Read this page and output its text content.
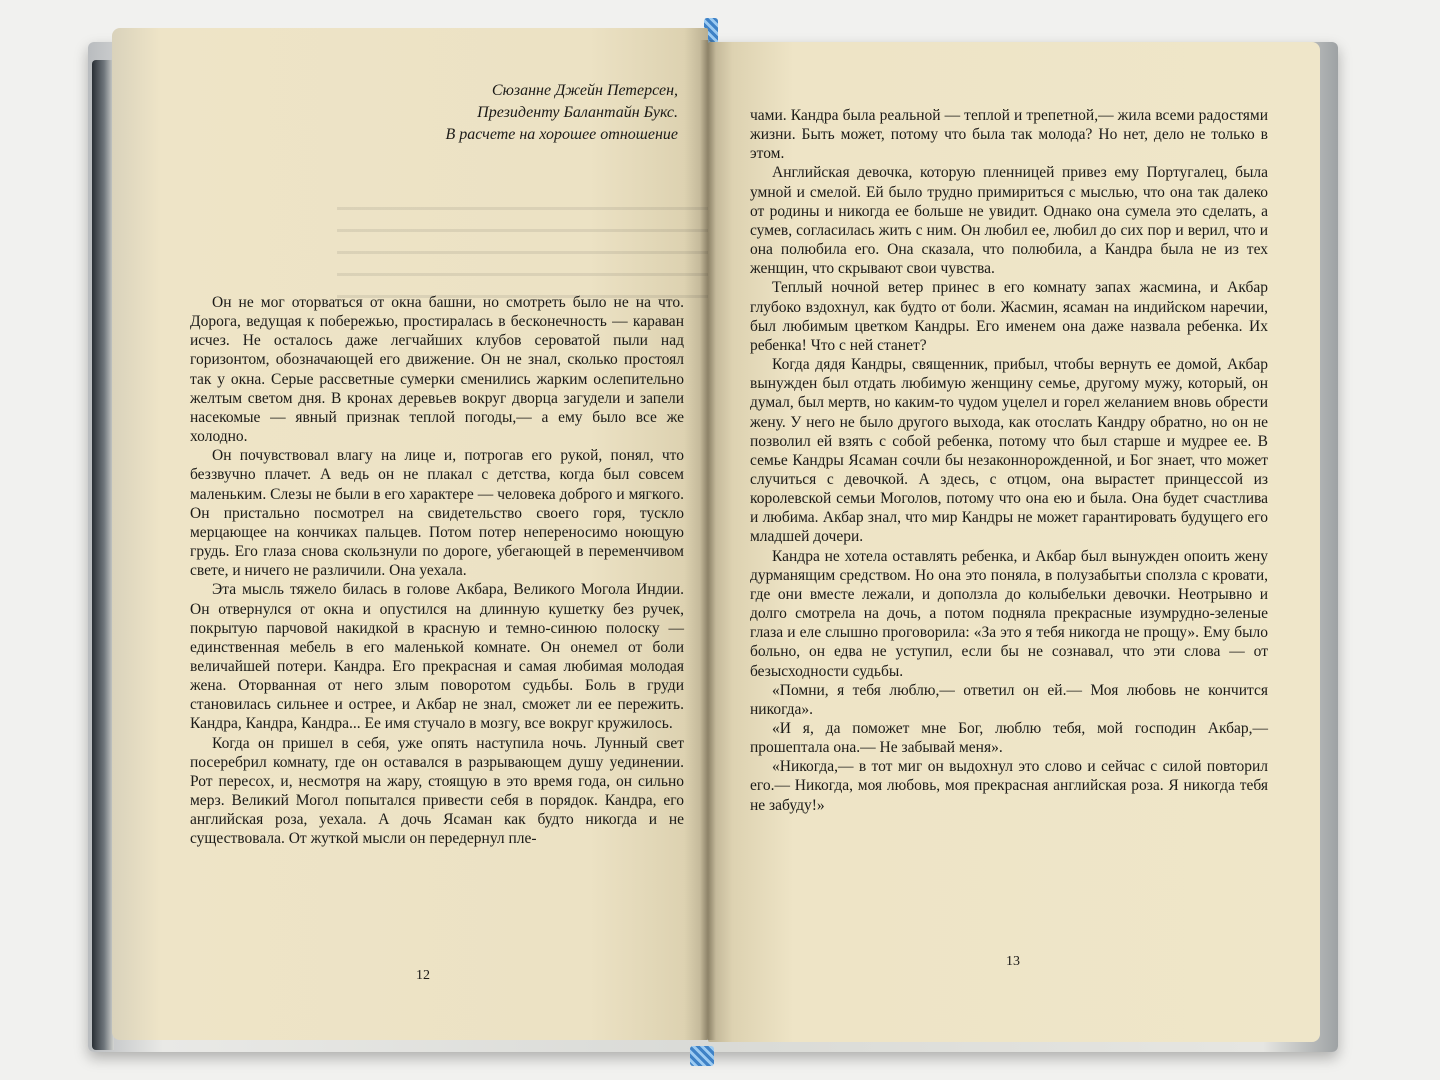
Сюзанне Джейн Петерсен,
Президенту Балантайн Букс.
В расчете на хорошее отношение

Он не мог оторваться от окна башни, но смотреть было не на что. Дорога, ведущая к побережью, простиралась в бесконечность — караван исчез. Не осталось даже легчайших клубов сероватой пыли над горизонтом, обозначающей его движение. Он не знал, сколько простоял так у окна. Серые рассветные сумерки сменились жарким ослепительно желтым светом дня. В кронах деревьев вокруг дворца загудели и запели насекомые — явный признак теплой погоды,— а ему было все же холодно.

Он почувствовал влагу на лице и, потрогав его рукой, понял, что беззвучно плачет. А ведь он не плакал с детства, когда был совсем маленьким. Слезы не были в его характере — человека доброго и мягкого. Он пристально посмотрел на свидетельство своего горя, тускло мерцающее на кончиках пальцев. Потом потер непереносимо ноющую грудь. Его глаза снова скользнули по дороге, убегающей в переменчивом свете, и ничего не различили. Она уехала.

Эта мысль тяжело билась в голове Акбара, Великого Могола Индии. Он отвернулся от окна и опустился на длинную кушетку без ручек, покрытую парчовой накидкой в красную и темно-синюю полоску — единственная мебель в его маленькой комнате. Он онемел от боли величайшей потери. Кандра. Его прекрасная и самая любимая молодая жена. Оторванная от него злым поворотом судьбы. Боль в груди становилась сильнее и острее, и Акбар не знал, сможет ли ее пережить. Кандра, Кандра, Кандра... Ее имя стучало в мозгу, все вокруг кружилось.

Когда он пришел в себя, уже опять наступила ночь. Лунный свет посеребрил комнату, где он оставался в разрывающем душу уединении. Рот пересох, и, несмотря на жару, стоящую в это время года, он сильно мерз. Великий Могол попытался привести себя в порядок. Кандра, его английская роза, уехала. А дочь Ясаман как будто никогда и не существовала. От жуткой мысли он передернул пле-

12

чами. Кандра была реальной — теплой и трепетной,— жила всеми радостями жизни. Быть может, потому что была так молода? Но нет, дело не только в этом.

Английская девочка, которую пленницей привез ему Португалец, была умной и смелой. Ей было трудно примириться с мыслью, что она так далеко от родины и никогда ее больше не увидит. Однако она сумела это сделать, а сумев, согласилась жить с ним. Он любил ее, любил до сих пор и верил, что и она полюбила его. Она сказала, что полюбила, а Кандра была не из тех женщин, что скрывают свои чувства.

Теплый ночной ветер принес в его комнату запах жасмина, и Акбар глубоко вздохнул, как будто от боли. Жасмин, ясаман на индийском наречии, был любимым цветком Кандры. Его именем она даже назвала ребенка. Их ребенка! Что с ней станет?

Когда дядя Кандры, священник, прибыл, чтобы вернуть ее домой, Акбар вынужден был отдать любимую женщину семье, другому мужу, который, он думал, был мертв, но каким-то чудом уцелел и горел желанием вновь обрести жену. У него не было другого выхода, как отослать Кандру обратно, но он не позволил ей взять с собой ребенка, потому что был старше и мудрее ее. В семье Кандры Ясаман сочли бы незаконнорожденной, и Бог знает, что может случиться с девочкой. А здесь, с отцом, она вырастет принцессой из королевской семьи Моголов, потому что она ею и была. Она будет счастлива и любима. Акбар знал, что мир Кандры не может гарантировать будущего его младшей дочери.

Кандра не хотела оставлять ребенка, и Акбар был вынужден опоить жену дурманящим средством. Но она это поняла, в полузабытьи сползла с кровати, где они вместе лежали, и доползла до колыбельки девочки. Неотрывно и долго смотрела на дочь, а потом подняла прекрасные изумрудно-зеленые глаза и еле слышно проговорила: «За это я тебя никогда не прощу». Ему было больно, он едва не уступил, если бы не сознавал, что эти слова — от безысходности судьбы.

«Помни, я тебя люблю,— ответил он ей.— Моя любовь не кончится никогда».

«И я, да поможет мне Бог, люблю тебя, мой господин Акбар,— прошептала она.— Не забывай меня».

«Никогда,— в тот миг он выдохнул это слово и сейчас с силой повторил его.— Никогда, моя любовь, моя прекрасная английская роза. Я никогда тебя не забуду!»

13
